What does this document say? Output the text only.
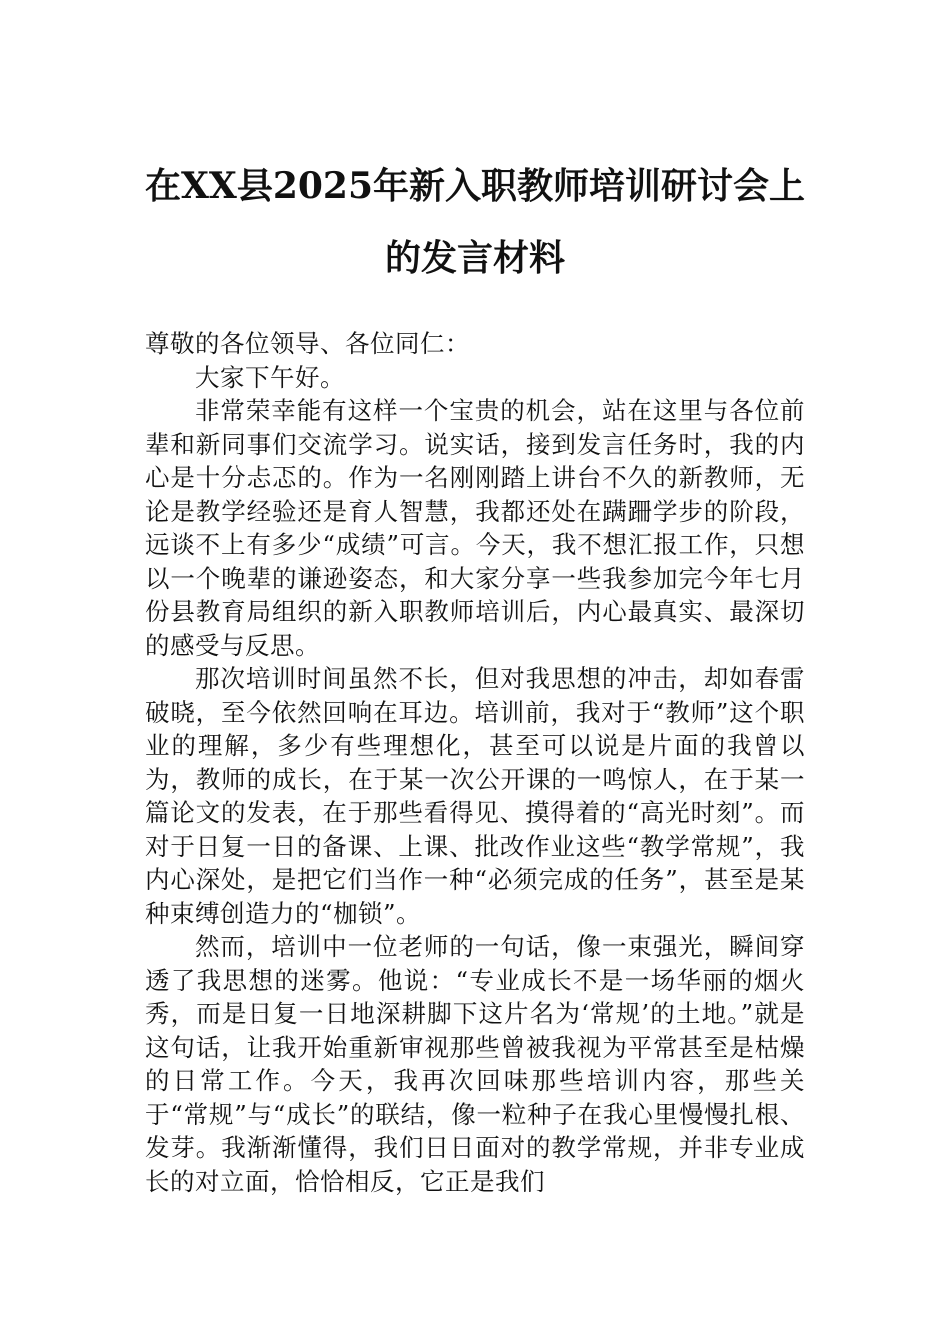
在XX县2025年新入职教师培训研讨会上
的发言材料

尊敬的各位领导、各位同仁：

大家下午好。

非常荣幸能有这样一个宝贵的机会，站在这里与各位前辈和新同事们交流学习。说实话，接到发言任务时，我的内心是十分忐忑的。作为一名刚刚踏上讲台不久的新教师，无论是教学经验还是育人智慧，我都还处在蹒跚学步的阶段，远谈不上有多少“成绩”可言。今天，我不想汇报工作，只想以一个晚辈的谦逊姿态，和大家分享一些我参加完今年七月份县教育局组织的新入职教师培训后，内心最真实、最深切的感受与反思。

那次培训时间虽然不长，但对我思想的冲击，却如春雷破晓，至今依然回响在耳边。培训前，我对于“教师”这个职业的理解，多少有些理想化，甚至可以说是片面的我曾以为，教师的成长，在于某一次公开课的一鸣惊人，在于某一篇论文的发表，在于那些看得见、摸得着的“高光时刻”。而对于日复一日的备课、上课、批改作业这些“教学常规”，我内心深处，是把它们当作一种“必须完成的任务”，甚至是某种束缚创造力的“枷锁”。

然而，培训中一位老师的一句话，像一束强光，瞬间穿透了我思想的迷雾。他说：“专业成长不是一场华丽的烟火秀，而是日复一日地深耕脚下这片名为‘常规’的土地。”就是这句话，让我开始重新审视那些曾被我视为平常甚至是枯燥的日常工作。今天，我再次回味那些培训内容，那些关于“常规”与“成长”的联结，像一粒种子在我心里慢慢扎根、发芽。我渐渐懂得，我们日日面对的教学常规，并非专业成长的对立面，恰恰相反，它正是我们
